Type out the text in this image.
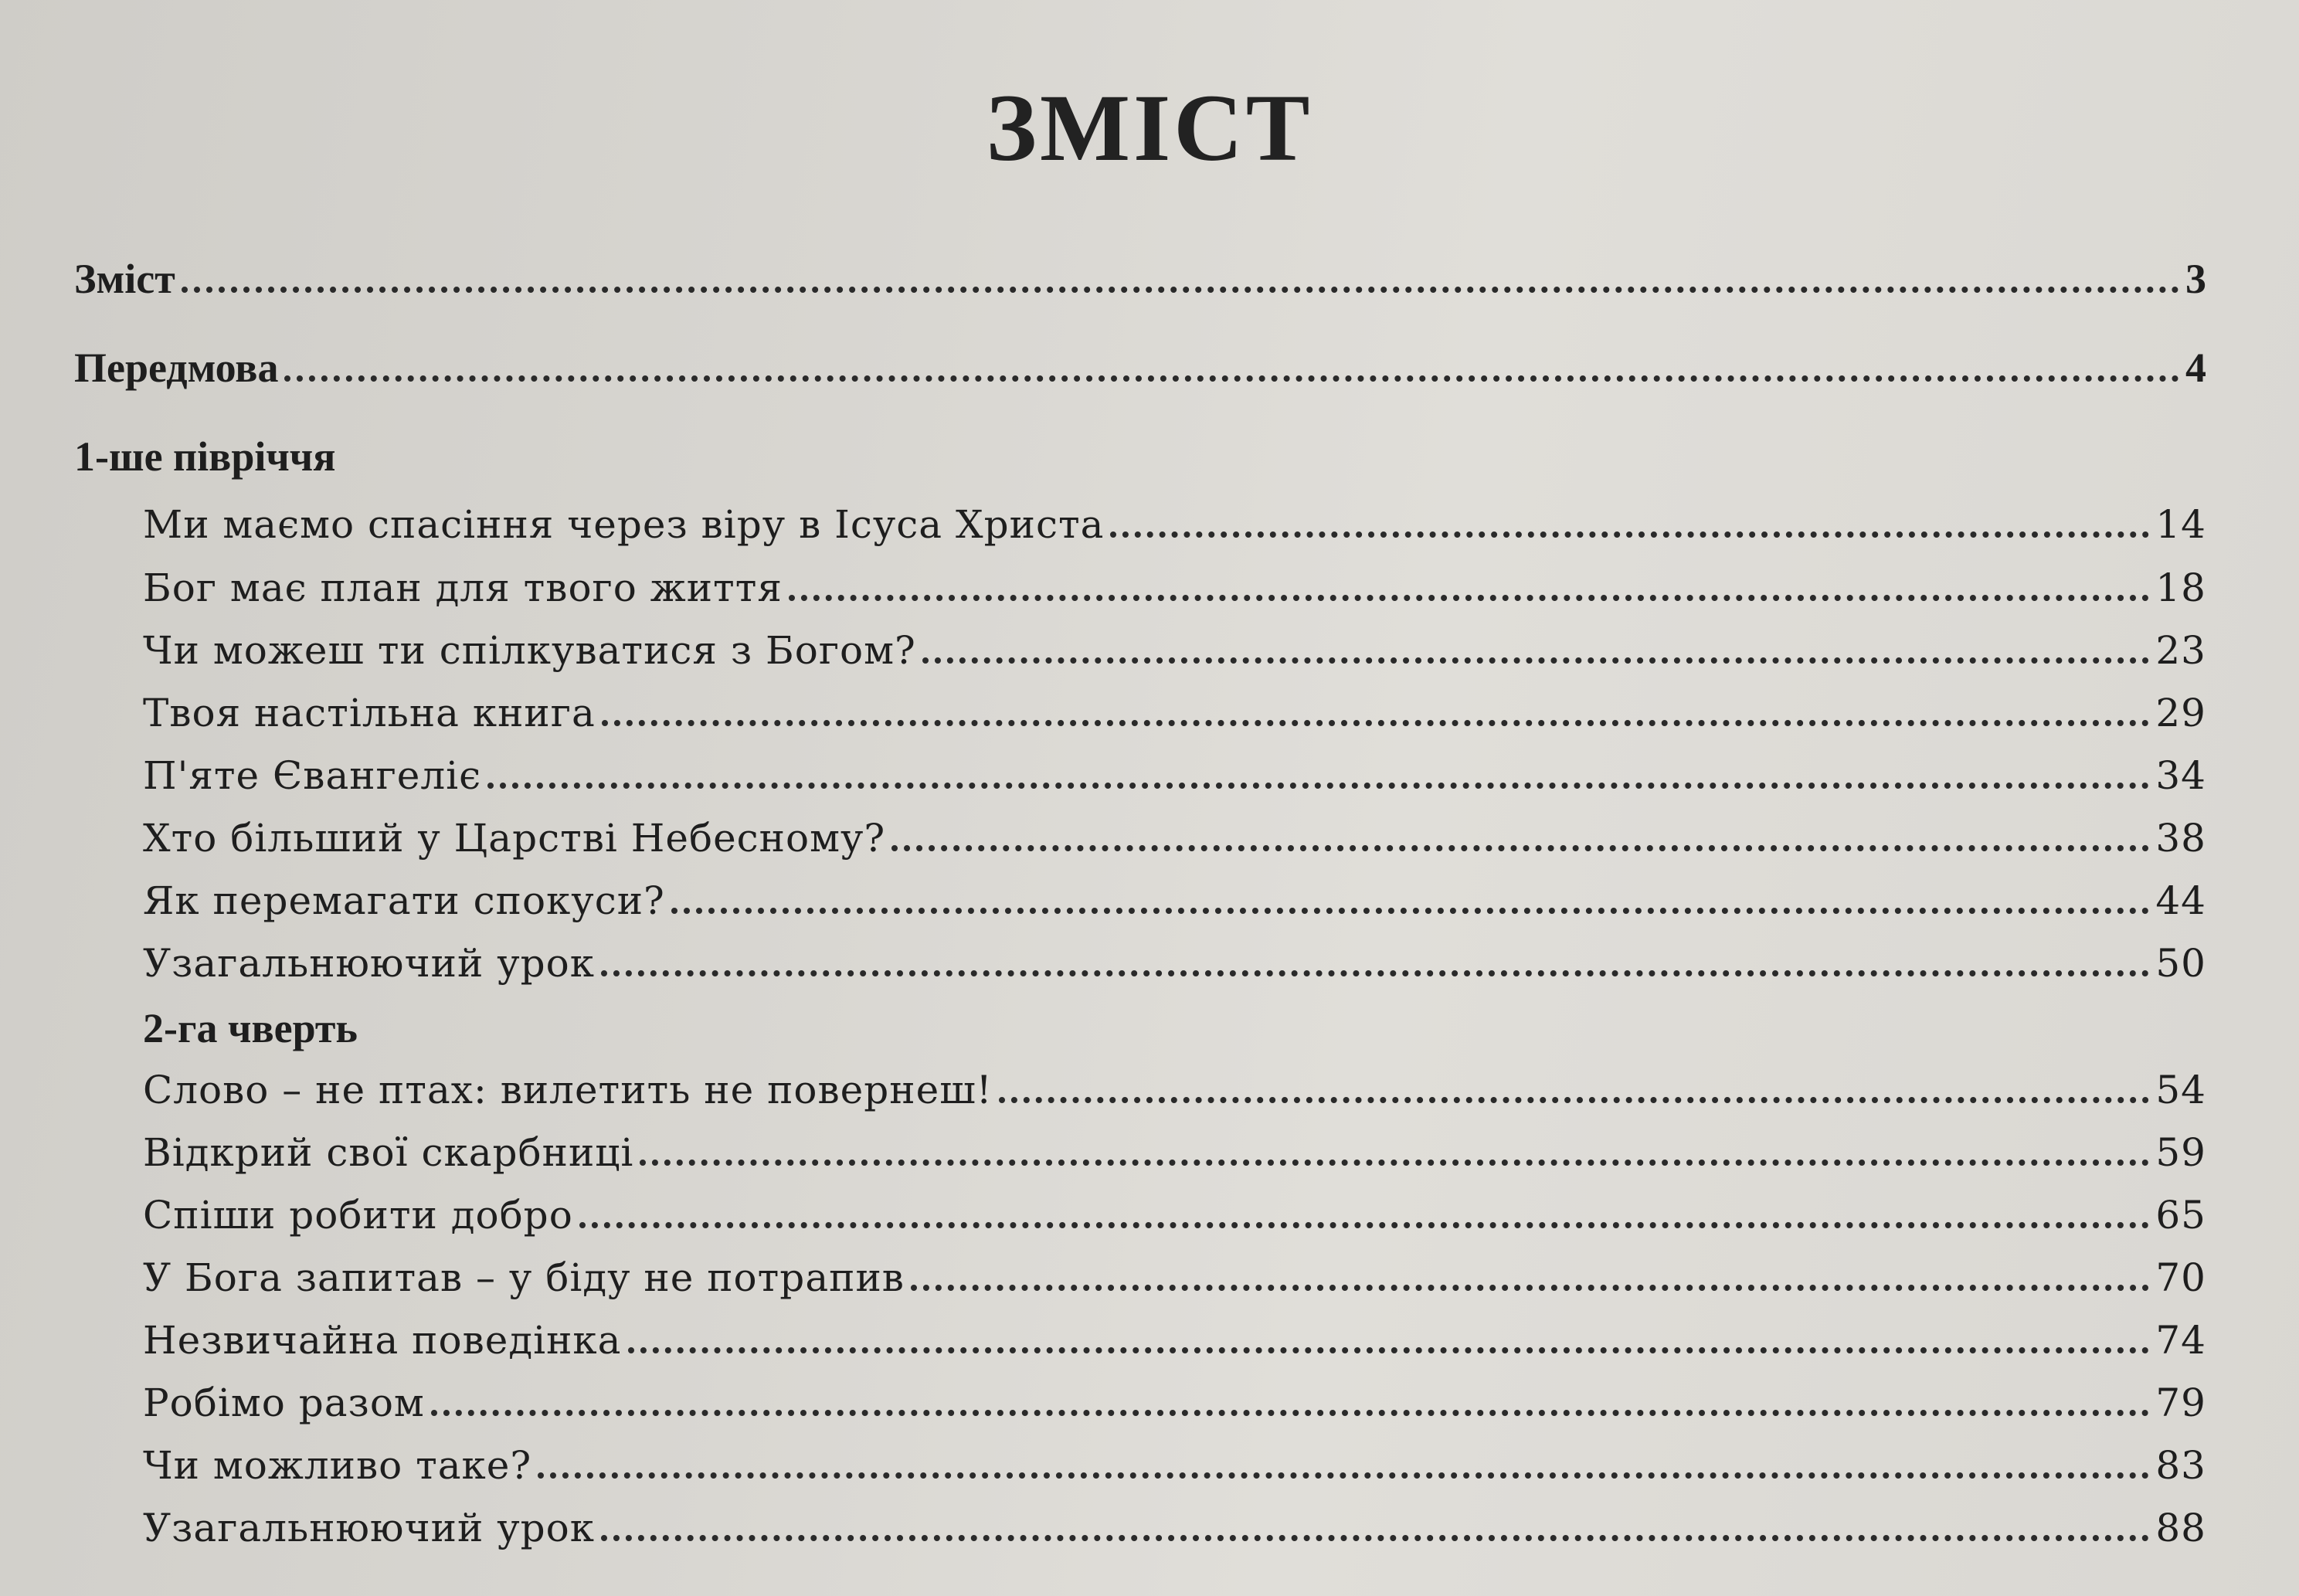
ЗМІСТ
Зміст	3
Передмова	4
1-ше півріччя
Ми маємо спасіння через віру в Ісуса Христа	14
Бог має план для твого життя	18
Чи можеш ти спілкуватися з Богом?	23
Твоя настільна книга	29
П'яте Євангеліє	34
Хто більший у Царстві Небесному?	38
Як перемагати спокуси?	44
Узагальнюючий урок	50
2-га чверть
Слово – не птах: вилетить не повернеш!	54
Відкрий свої скарбниці	59
Спіши робити добро	65
У Бога запитав – у біду не потрапив	70
Незвичайна поведінка	74
Робімо разом	79
Чи можливо таке?	83
Узагальнюючий урок	88
